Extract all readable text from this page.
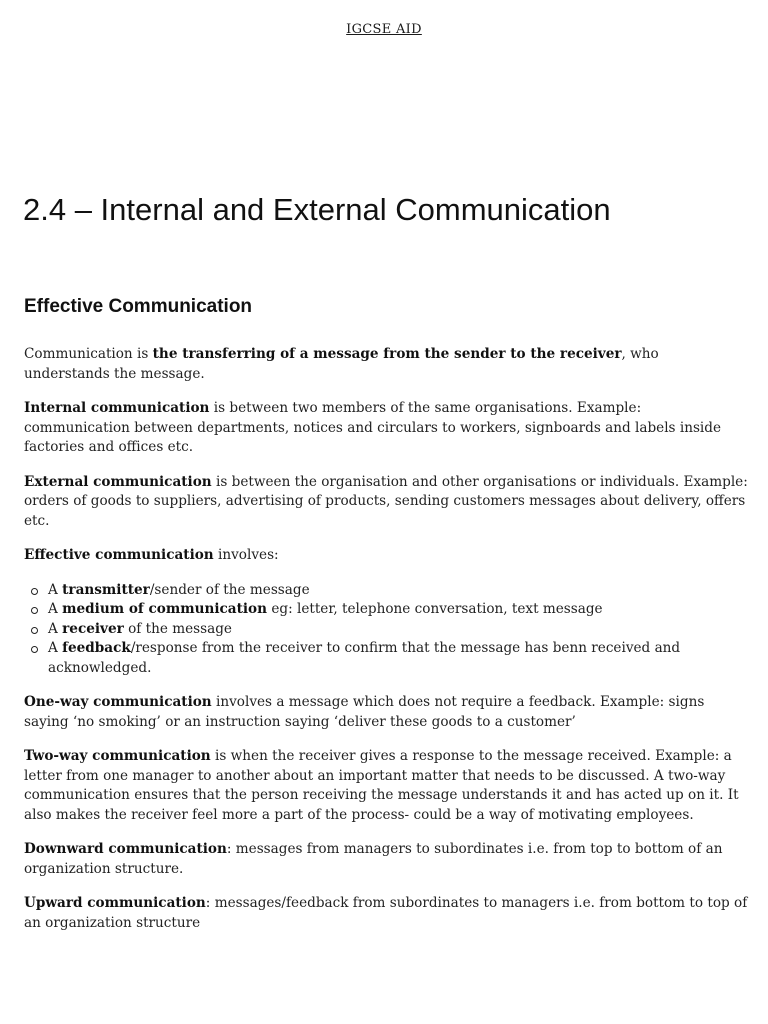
IGCSE AID
2.4 – Internal and External Communication
Effective Communication

Communication is the transferring of a message from the sender to the receiver, who understands the message.

Internal communication is between two members of the same organisations. Example: communication between departments, notices and circulars to workers, signboards and labels inside factories and offices etc.

External communication is between the organisation and other organisations or individuals. Example: orders of goods to suppliers, advertising of products, sending customers messages about delivery, offers etc.

Effective communication involves:

A transmitter/sender of the message
A medium of communication eg: letter, telephone conversation, text message
A receiver of the message
A feedback/response from the receiver to confirm that the message has benn received and acknowledged.

One-way communication involves a message which does not require a feedback. Example: signs saying ‘no smoking’ or an instruction saying ‘deliver these goods to a customer’

Two-way communication is when the receiver gives a response to the message received. Example: a letter from one manager to another about an important matter that needs to be discussed. A two-way communication ensures that the person receiving the message understands it and has acted up on it. It also makes the receiver feel more a part of the process- could be a way of motivating employees.

Downward communication: messages from managers to subordinates i.e. from top to bottom of an organization structure.

Upward communication: messages/feedback from subordinates to managers i.e. from bottom to top of an organization structure
